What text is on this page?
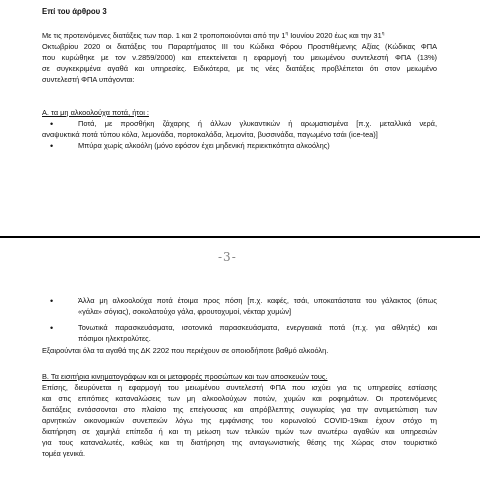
Επί του άρθρου 3
Με τις προτεινόμενες διατάξεις των παρ. 1 και 2 τροποποιούνται από την $1^\eta$ Ιουνίου 2020 έως και την $31^\eta$
Οκτωβρίου 2020 οι διατάξεις του Παραρτήματος ΙΙΙ του Κώδικα Φόρου Προστιθέμενης Αξίας (Κώδικας ΦΠΑ
που κυρώθηκε με τον ν.2859/2000) και επεκτείνεται η εφαρμογή του μειωμένου συντελεστή ΦΠΑ (13%)
σε συγκεκριμένα αγαθά και υπηρεσίες. Ειδικότερα, με τις νέες διατάξεις προβλέπεται ότι στον μειωμένο
συντελεστή ΦΠΑ υπάγονται:
Α. τα μη αλκοολούχα ποτά, ήτοι :
•	Ποτά, με προσθήκη ζάχαρης ή άλλων γλυκαντικών ή αρωματισμένα [π.χ. μεταλλικά νερά,
αναψυκτικά ποτά τύπου κόλα, λεμονάδα, πορτοκαλάδα, λεμονίτα, βυσσινάδα, παγωμένο τσάι (ice-tea)]
•	Μπύρα χωρίς αλκοόλη (μόνο εφόσον έχει μηδενική περιεκτικότητα αλκοόλης)
-3-
•	Άλλα μη αλκοολούχα ποτά έτοιμα προς πόση [π.χ. καφές, τσάι, υποκατάστατα του γάλακτος (όπως
«γάλα» σόγιας), σοκολατούχο γάλα, φρουτοχυμοί, νέκταρ χυμών]
•	Τονωτικά παρασκευάσματα, ισοτονικά παρασκευάσματα, ενεργειακά ποτά (π.χ. για αθλητές) και
πόσιμοι ηλεκτρολύτες.
Εξαιρούνται όλα τα αγαθά της ΔΚ 2202 που περιέχουν σε οποιοδήποτε βαθμό αλκοόλη.
Β. Τα εισιτήρια κινηματογράφων και οι μεταφορές προσώπων και των αποσκευών τους.
Επίσης, διευρύνεται η εφαρμογή του μειωμένου συντελεστή ΦΠΑ που ισχύει για τις υπηρεσίες εστίασης
και στις επιτόπιες καταναλώσεις των μη αλκοολούχων ποτών, χυμών και ροφημάτων. Οι προτεινόμενες
διατάξεις εντάσσονται στο πλαίσιο της επείγουσας και απρόβλεπτης συγκυρίας για την αντιμετώπιση των
αρνητικών οικονομικών συνεπειών λόγω της εμφάνισης του κορωνοϊού COVID-19και έχουν στόχο τη
διατήρηση σε χαμηλά επίπεδα ή και τη μείωση των τελικών τιμών των ανωτέρω αγαθών και υπηρεσιών
για τους καταναλωτές, καθώς και τη διατήρηση της ανταγωνιστικής θέσης της Χώρας στον τουριστικό
τομέα γενικά.
